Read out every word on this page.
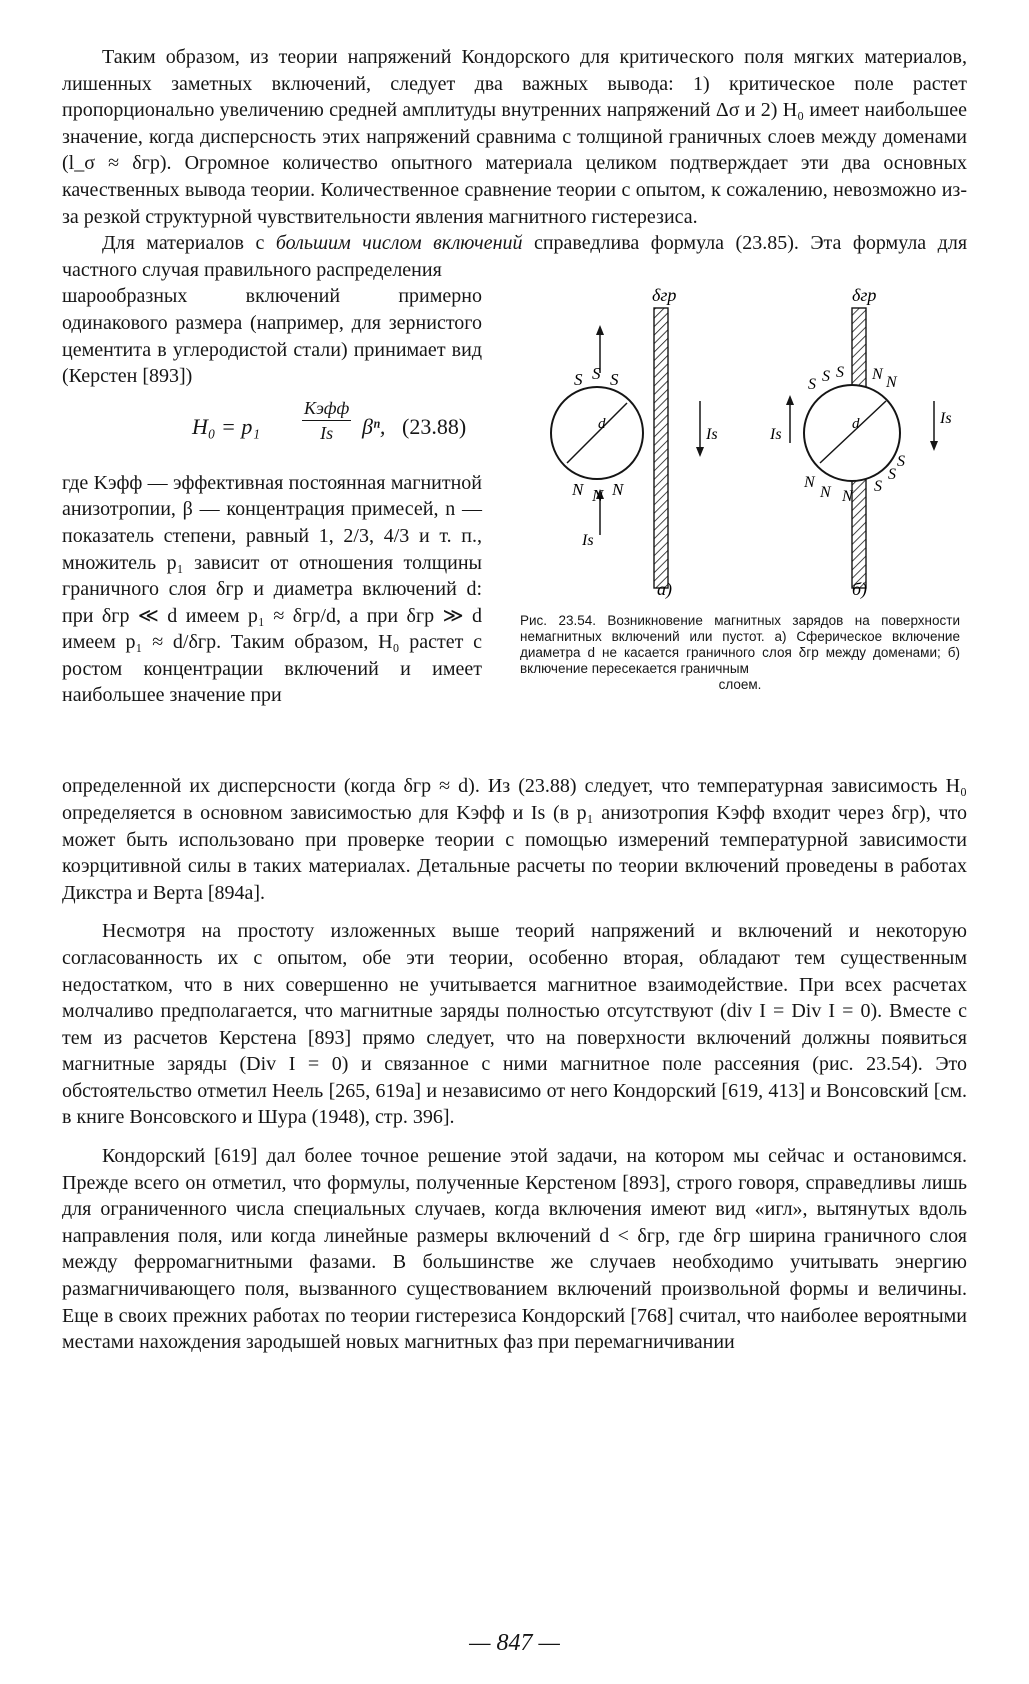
Таким образом, из теории напряжений Кондорского для критического поля мягких материалов, лишенных заметных включений, следует два важных вывода: 1) критическое поле растет пропорционально увеличению средней амплитуды внутренних напряжений Δσ и 2) H₀ имеет наибольшее значение, когда дисперсность этих напряжений сравнима с толщиной граничных слоев между доменами (l_σ ≈ δгр). Огромное количество опытного материала целиком подтверждает эти два основных качественных вывода теории. Количественное сравнение теории с опытом, к сожалению, невозможно из-за резкой структурной чувствительности явления магнитного гистерезиса.

Для материалов с большим числом включений справедлива формула (23.85). Эта формула для частного случая правильного распределения

шарообразных включений примерно одинакового размера (например, для зернистого цементита в углеродистой стали) принимает вид (Керстен [893])

H₀ = p₁
Kэфф
Is	βⁿ, (23.88)

где Kэфф — эффективная постоянная магнитной анизотропии, β — концентрация примесей, n — показатель степени, равный 1, 2/3, 4/3 и т. п., множитель p₁ зависит от отношения толщины граничного слоя δгр и диаметра включений d: при δгр ≪ d имеем p₁ ≈ δгр/d, а при δгр ≫ d имеем p₁ ≈ d/δгр. Таким образом, H₀ растет с ростом концентрации включений и имеет наибольшее значение при

δгр
d
Is
S S S
N N N
Is
а)
δгр
d
Is
Is
S S S N N
N
N N
S
S
S
б)
Рис. 23.54. Возникновение магнитных зарядов на поверхности немагнитных включений или пустот. а) Сферическое включение диаметра d не касается граничного слоя δгр между доменами; б) включение пересекается граничным
слоем.

определенной их дисперсности (когда δгр ≈ d). Из (23.88) следует, что температурная зависимость H₀ определяется в основном зависимостью для Kэфф и Is (в p₁ анизотропия Kэфф входит через δгр), что может быть использовано при проверке теории с помощью измерений температурной зависимости коэрцитивной силы в таких материалах. Детальные расчеты по теории включений проведены в работах Дикстра и Верта [894а].

Несмотря на простоту изложенных выше теорий напряжений и включений и некоторую согласованность их с опытом, обе эти теории, особенно вторая, обладают тем существенным недостатком, что в них совершенно не учитывается магнитное взаимодействие. При всех расчетах молчаливо предполагается, что магнитные заряды полностью отсутствуют (div I = Div I = 0). Вместе с тем из расчетов Керстена [893] прямо следует, что на поверхности включений должны появиться магнитные заряды (Div I = 0) и связанное с ними магнитное поле рассеяния (рис. 23.54). Это обстоятельство отметил Неель [265, 619а] и независимо от него Кондорский [619, 413] и Вонсовский [см. в книге Вонсовского и Шура (1948), стр. 396].

Кондорский [619] дал более точное решение этой задачи, на котором мы сейчас и остановимся. Прежде всего он отметил, что формулы, полученные Керстеном [893], строго говоря, справедливы лишь для ограниченного числа специальных случаев, когда включения имеют вид «игл», вытянутых вдоль направления поля, или когда линейные размеры включений d < δгр, где δгр ширина граничного слоя между ферромагнитными фазами. В большинстве же случаев необходимо учитывать энергию размагничивающего поля, вызванного существованием включений произвольной формы и величины. Еще в своих прежних работах по теории гистерезиса Кондорский [768] считал, что наиболее вероятными местами нахождения зародышей новых магнитных фаз при перемагничивании

— 847 —
